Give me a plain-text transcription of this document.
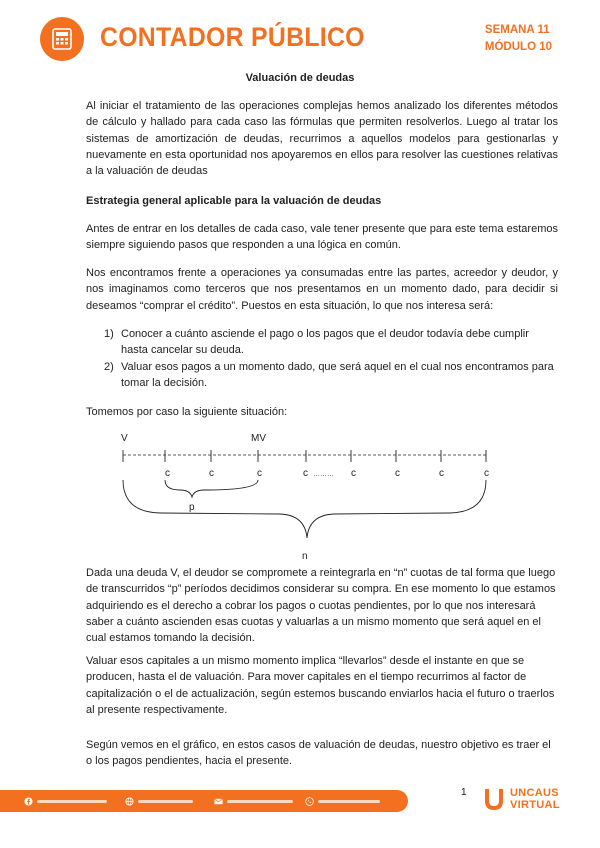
CONTADOR PÚBLICO	SEMANA 11
MÓDULO 10
Valuación de deudas
Al iniciar el tratamiento de las operaciones complejas hemos analizado los diferentes métodos de cálculo y hallado para cada caso las fórmulas que permiten resolverlos. Luego al tratar los sistemas de amortización de deudas, recurrimos a aquellos modelos para gestionarlas y nuevamente en esta oportunidad nos apoyaremos en ellos para resolver las cuestiones relativas a la valuación de deudas
Estrategia general aplicable para la valuación de deudas
Antes de entrar en los detalles de cada caso, vale tener presente que para este tema estaremos siempre siguiendo pasos que responden a una lógica en común.
Nos encontramos frente a operaciones ya consumadas entre las partes, acreedor y deudor, y nos imaginamos como terceros que nos presentamos en un momento dado, para decidir si deseamos “comprar el crédito”. Puestos en esta situación, lo que nos interesa será:
1) Conocer a cuánto asciende el pago o los pagos que el deudor todavía debe cumplir hasta cancelar su deuda.
2) Valuar esos pagos a un momento dado, que será aquel en el cual nos encontramos para tomar la decisión.
Tomemos por caso la siguiente situación:
V	MV
c	c	c	c ……… c	c	c	c
p
n
Dada una deuda V, el deudor se compromete a reintegrarla en “n” cuotas de tal forma que luego de transcurridos “p” períodos decidimos considerar su compra. En ese momento lo que estamos adquiriendo es el derecho a cobrar los pagos o cuotas pendientes, por lo que nos interesará saber a cuánto ascienden esas cuotas y valuarlas a un mismo momento que será aquel en el cual estamos tomando la decisión.
Valuar esos capitales a un mismo momento implica “llevarlos” desde el instante en que se producen, hasta el de valuación. Para mover capitales en el tiempo recurrimos al factor de capitalización o el de actualización, según estemos buscando enviarlos hacia el futuro o traerlos al presente respectivamente.
Según vemos en el gráfico, en estos casos de valuación de deudas, nuestro objetivo es traer el o los pagos pendientes, hacia el presente.
1	UNCAUS
VIRTUAL
